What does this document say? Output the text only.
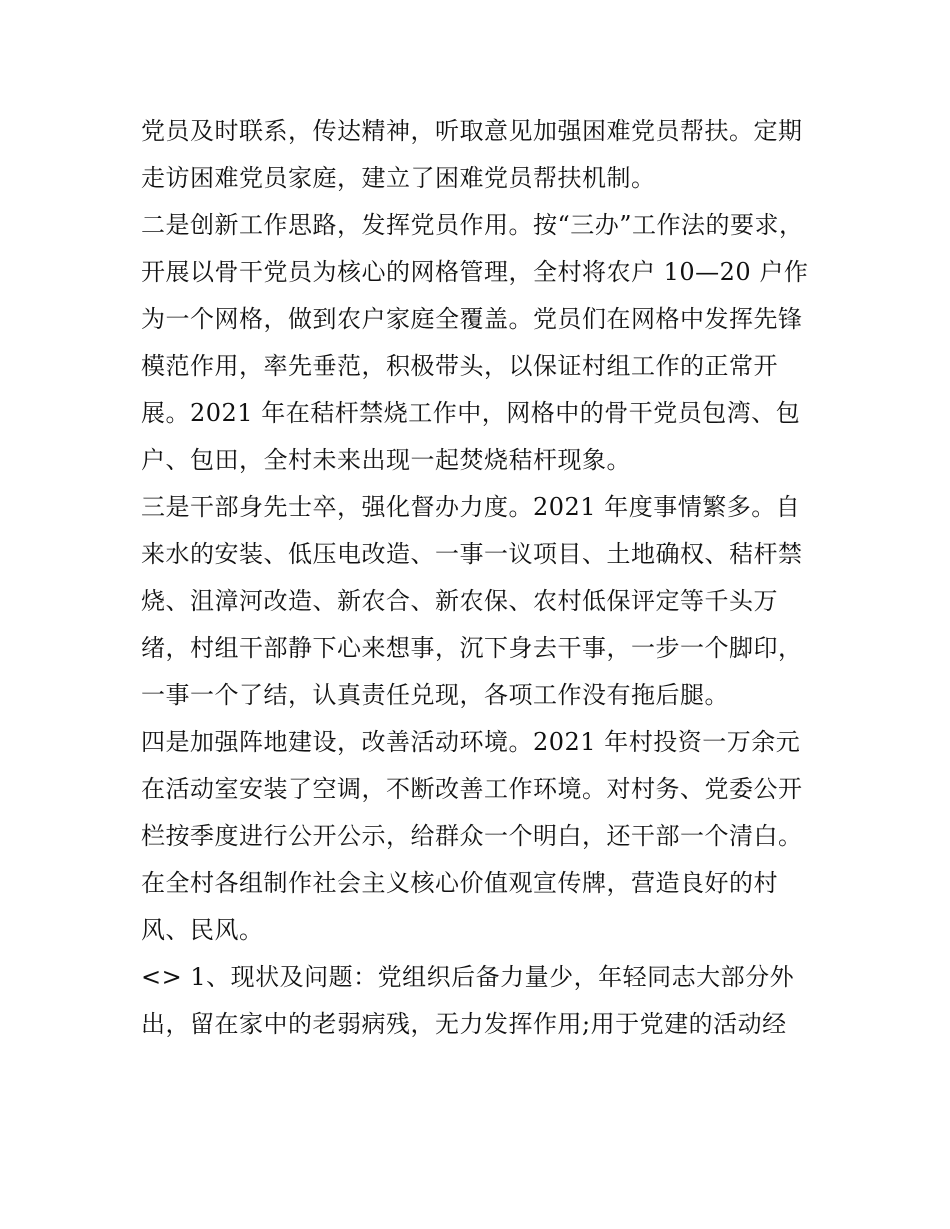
党员及时联系，传达精神，听取意见加强困难党员帮扶。定期
走访困难党员家庭，建立了困难党员帮扶机制。
二是创新工作思路，发挥党员作用。按“三办”工作法的要求，
开展以骨干党员为核心的网格管理，全村将农户 10—20 户作
为一个网格，做到农户家庭全覆盖。党员们在网格中发挥先锋
模范作用，率先垂范，积极带头，以保证村组工作的正常开
展。2021 年在秸杆禁烧工作中，网格中的骨干党员包湾、包
户、包田，全村未来出现一起焚烧秸杆现象。
三是干部身先士卒，强化督办力度。2021 年度事情繁多。自
来水的安装、低压电改造、一事一议项目、土地确权、秸杆禁
烧、沮漳河改造、新农合、新农保、农村低保评定等千头万
绪，村组干部静下心来想事，沉下身去干事，一步一个脚印，
一事一个了结，认真责任兑现，各项工作没有拖后腿。
四是加强阵地建设，改善活动环境。2021 年村投资一万余元
在活动室安装了空调，不断改善工作环境。对村务、党委公开
栏按季度进行公开公示，给群众一个明白，还干部一个清白。
在全村各组制作社会主义核心价值观宣传牌，营造良好的村
风、民风。
<> 1、现状及问题：党组织后备力量少，年轻同志大部分外
出，留在家中的老弱病残，无力发挥作用;用于党建的活动经
